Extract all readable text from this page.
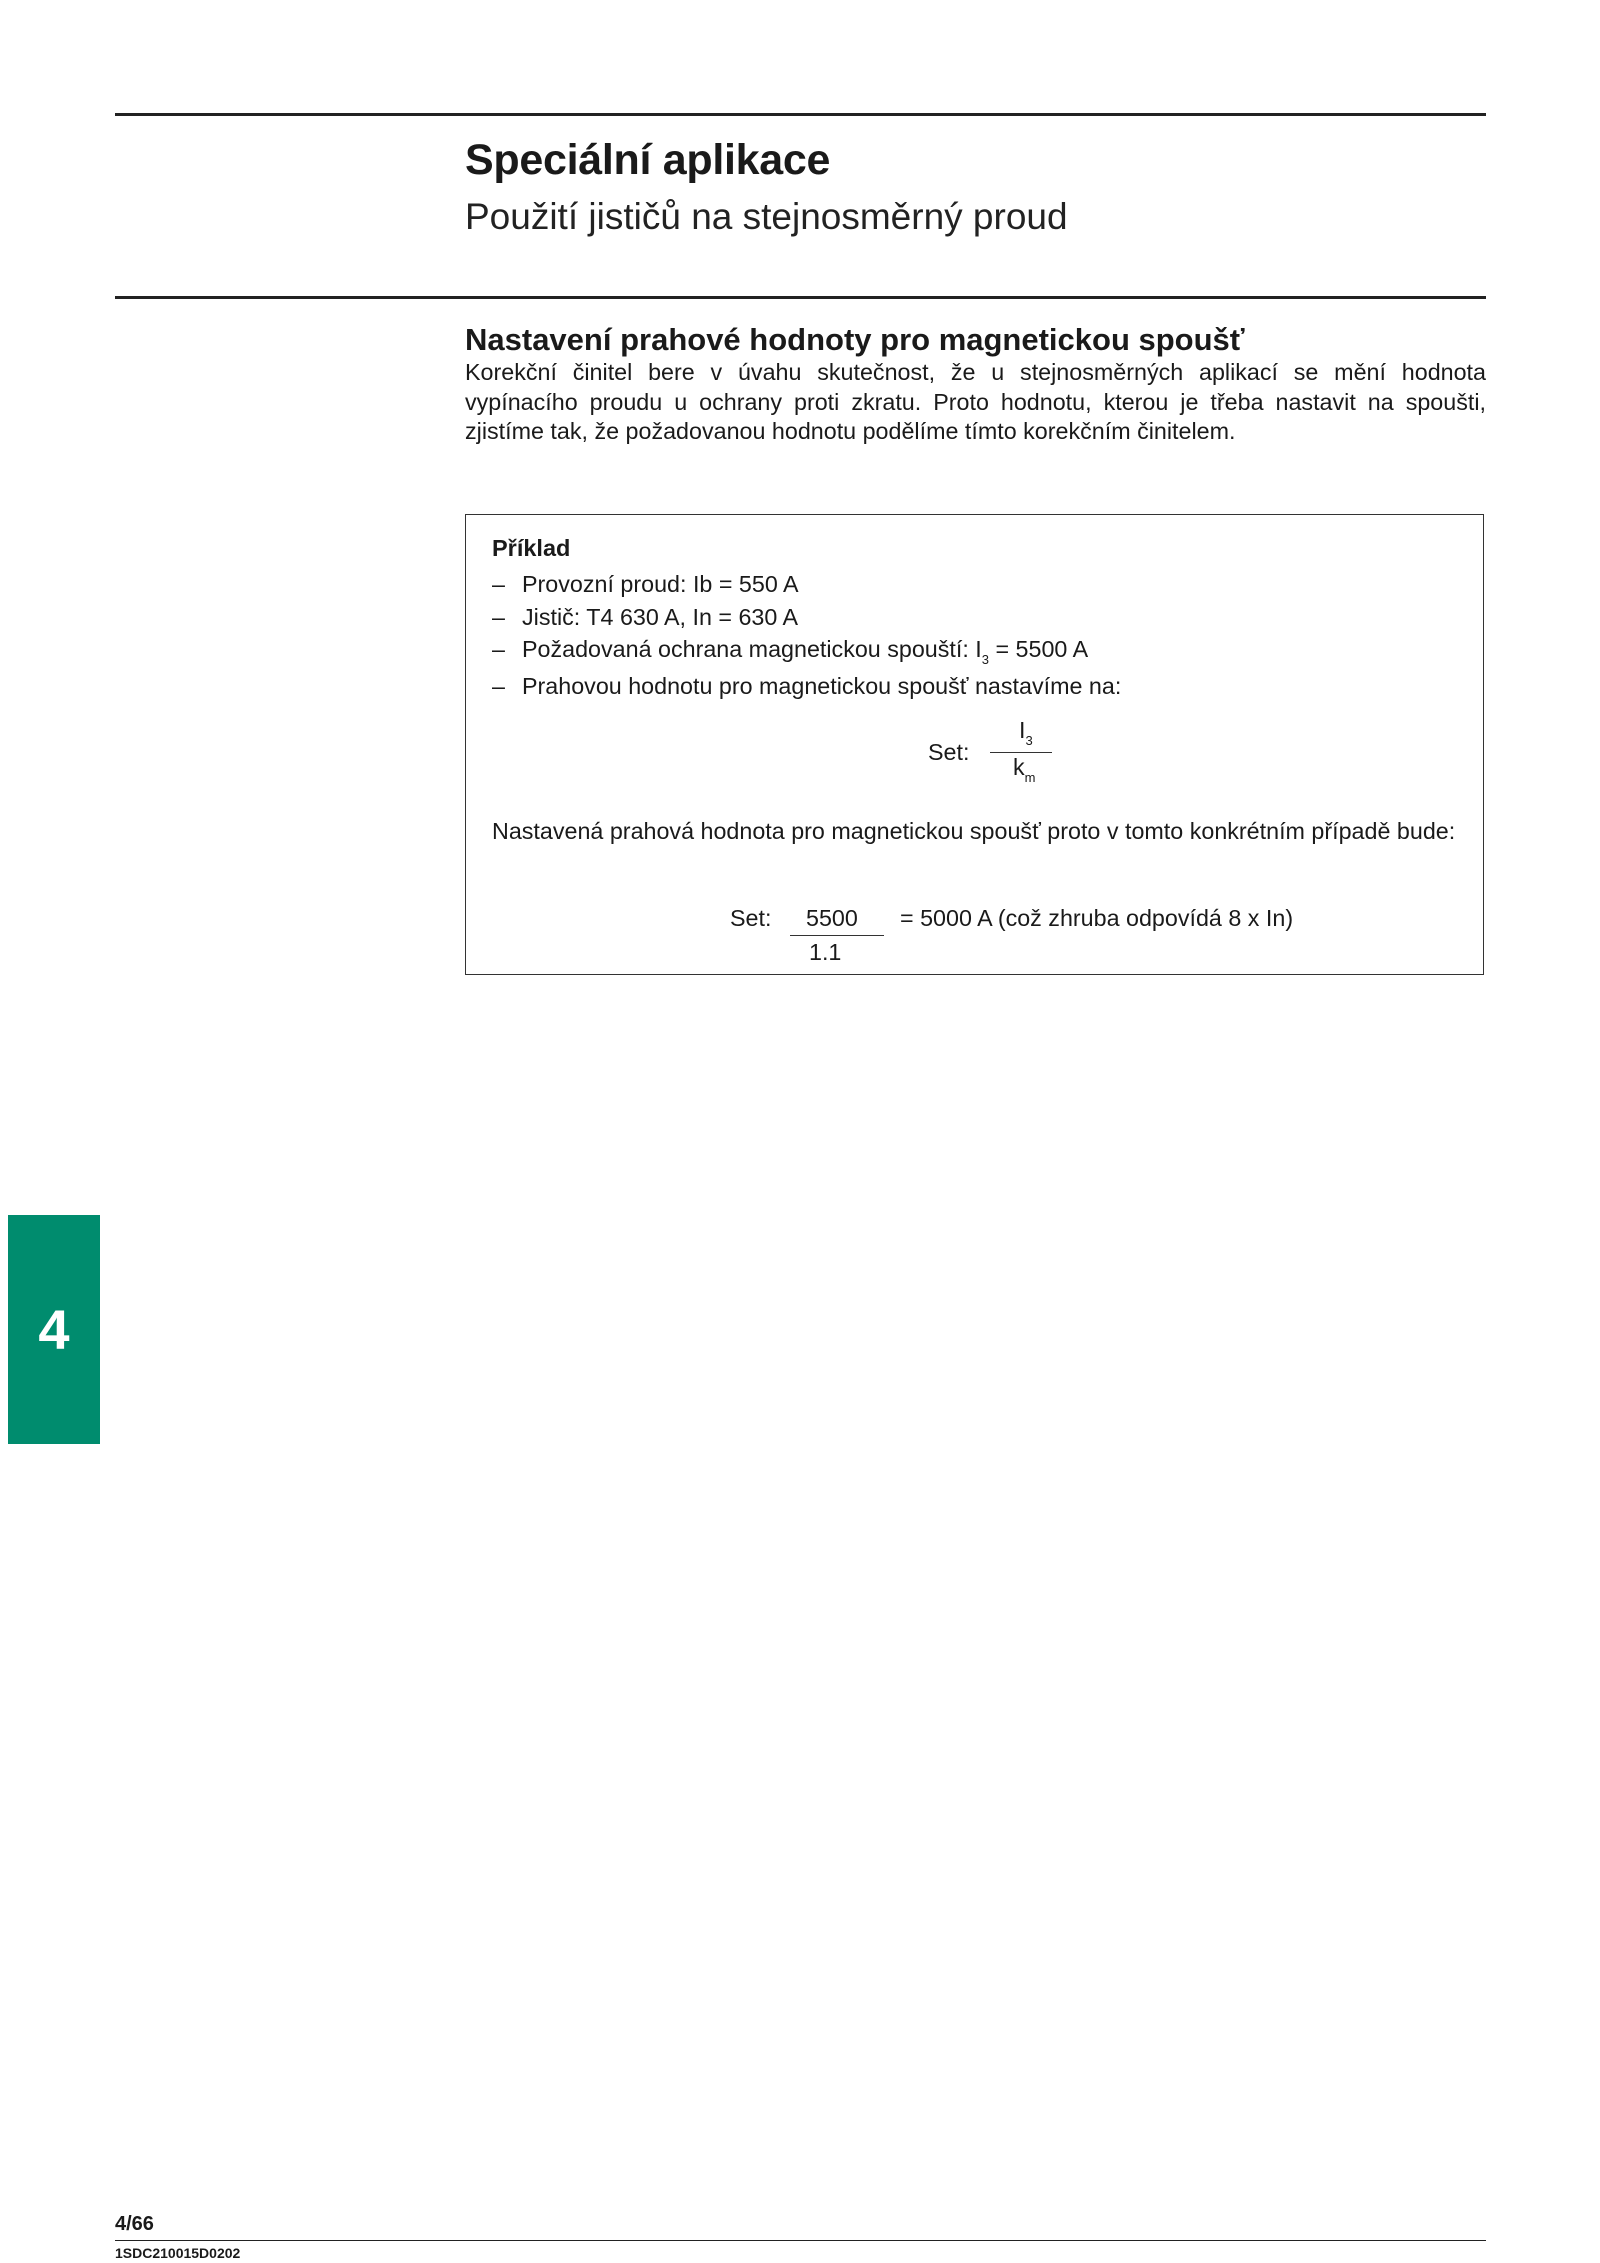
Speciální aplikace
Použití jističů na stejnosměrný proud
Nastavení prahové hodnoty pro magnetickou spoušť

Korekční činitel bere v úvahu skutečnost, že u stejnosměrných aplikací se mění hodnota vypínacího proudu u ochrany proti zkratu. Proto hodnotu, kterou je třeba nastavit na spoušti, zjistíme tak, že požadovanou hodnotu podělíme tímto korekčním činitelem.

Příklad

– Provozní proud: Ib = 550 A
– Jistič: T4 630 A, In = 630 A
– Požadovaná ochrana magnetickou spouští: $I_3 = 5500$ A
– Prahovou hodnotu pro magnetickou spoušť nastavíme na:
Set:
$I_3$
$k_m$

Nastavená prahová hodnota pro magnetickou spoušť proto v tomto konkrétním případě bude:

Set: 5500
1.1
= 5000 A (což zhruba odpovídá 8 x In)
4

4/66

1SDC210015D0202
